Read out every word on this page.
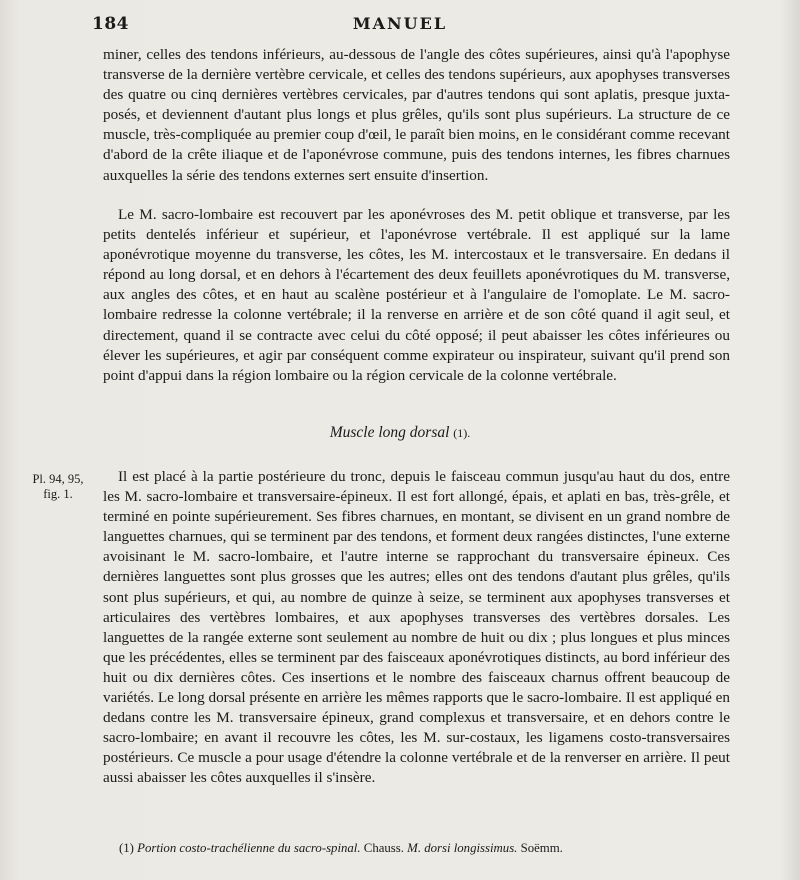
184	MANUEL

miner, celles des tendons inférieurs, au-dessous de l'angle des côtes supérieures, ainsi qu'à l'apophyse transverse de la dernière vertèbre cervicale, et celles des tendons supérieurs, aux apophyses transverses des quatre ou cinq dernières vertèbres cervicales, par d'autres tendons qui sont aplatis, presque juxta-posés, et deviennent d'autant plus longs et plus grêles, qu'ils sont plus supérieurs. La structure de ce muscle, très-compliquée au premier coup d'œil, le paraît bien moins, en le considérant comme recevant d'abord de la crête iliaque et de l'aponévrose commune, puis des tendons internes, les fibres charnues auxquelles la série des tendons externes sert ensuite d'insertion.

Le M. sacro-lombaire est recouvert par les aponévroses des M. petit oblique et transverse, par les petits dentelés inférieur et supérieur, et l'aponévrose vertébrale. Il est appliqué sur la lame aponévrotique moyenne du transverse, les côtes, les M. intercostaux et le transversaire. En dedans il répond au long dorsal, et en dehors à l'écartement des deux feuillets aponévrotiques du M. transverse, aux angles des côtes, et en haut au scalène postérieur et à l'angulaire de l'omoplate. Le M. sacro-lombaire redresse la colonne vertébrale; il la renverse en arrière et de son côté quand il agit seul, et directement, quand il se contracte avec celui du côté opposé; il peut abaisser les côtes inférieures ou élever les supérieures, et agir par conséquent comme expirateur ou inspirateur, suivant qu'il prend son point d'appui dans la région lombaire ou la région cervicale de la colonne vertébrale.

Muscle long dorsal (1).
Pl. 94, 95,
fig. 1.

Il est placé à la partie postérieure du tronc, depuis le faisceau commun jusqu'au haut du dos, entre les M. sacro-lombaire et transversaire-épineux. Il est fort allongé, épais, et aplati en bas, très-grêle, et terminé en pointe supérieurement. Ses fibres charnues, en montant, se divisent en un grand nombre de languettes charnues, qui se terminent par des tendons, et forment deux rangées distinctes, l'une externe avoisinant le M. sacro-lombaire, et l'autre interne se rapprochant du transversaire épineux. Ces dernières languettes sont plus grosses que les autres; elles ont des tendons d'autant plus grêles, qu'ils sont plus supérieurs, et qui, au nombre de quinze à seize, se terminent aux apophyses transverses et articulaires des vertèbres lombaires, et aux apophyses transverses des vertèbres dorsales. Les languettes de la rangée externe sont seulement au nombre de huit ou dix ; plus longues et plus minces que les précédentes, elles se terminent par des faisceaux aponévrotiques distincts, au bord inférieur des huit ou dix dernières côtes. Ces insertions et le nombre des faisceaux charnus offrent beaucoup de variétés. Le long dorsal présente en arrière les mêmes rapports que le sacro-lombaire. Il est appliqué en dedans contre les M. transversaire épineux, grand complexus et transversaire, et en dehors contre le sacro-lombaire; en avant il recouvre les côtes, les M. sur-costaux, les ligamens costo-transversaires postérieurs. Ce muscle a pour usage d'étendre la colonne vertébrale et de la renverser en arrière. Il peut aussi abaisser les côtes auxquelles il s'insère.

(1) Portion costo-trachélienne du sacro-spinal. Chauss. M. dorsi longissimus. Soëmm.
